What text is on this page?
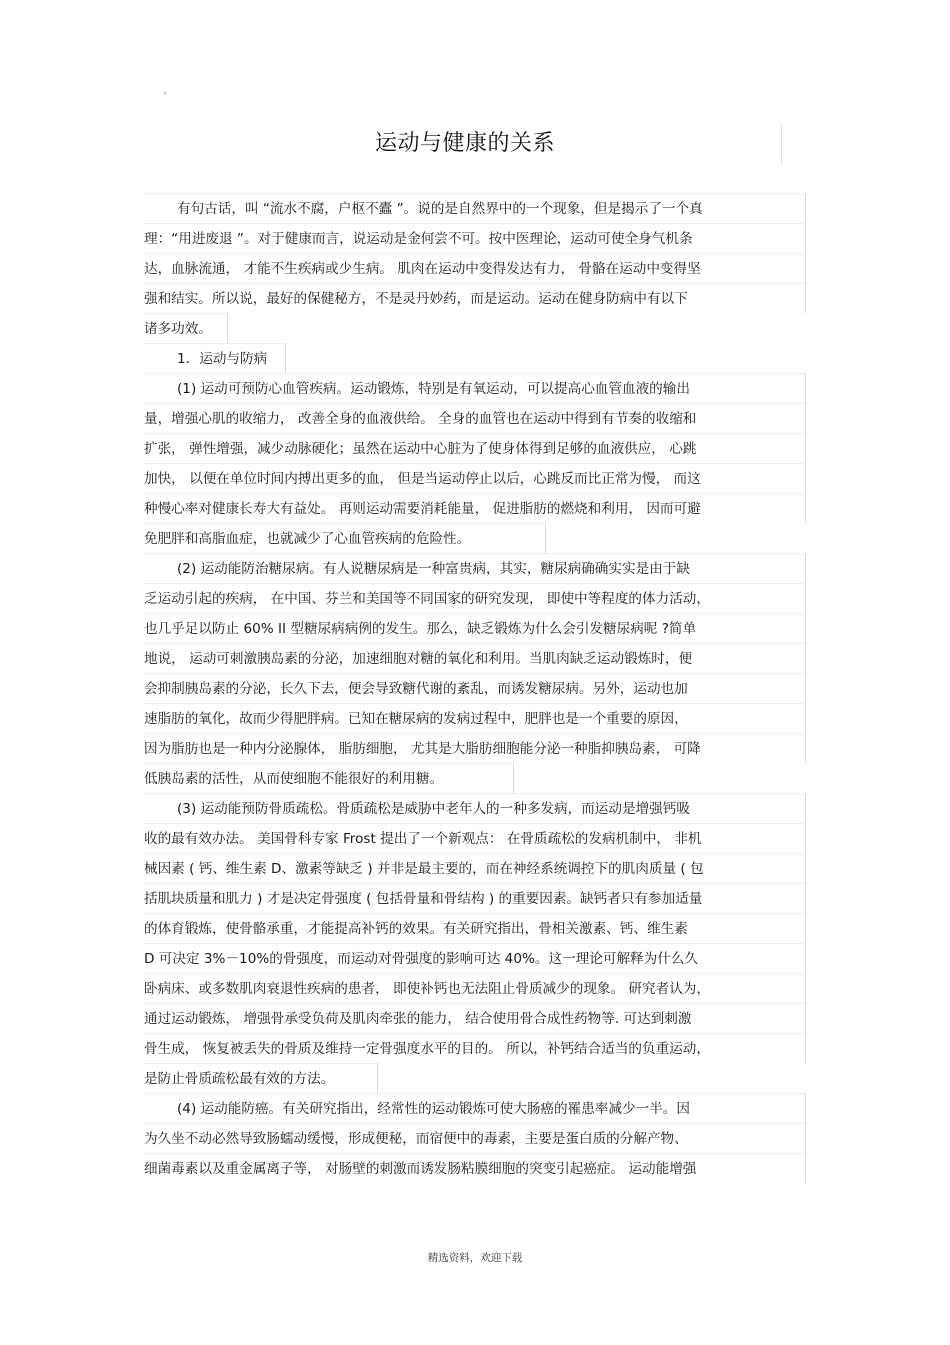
。
运动与健康的关系
有句古话，叫 “流水不腐，户枢不蠹 ”。说的是自然界中的一个现象，但是揭示了一个真
理：“用进废退 ”。对于健康而言，说运动是金何尝不可。按中医理论，运动可使全身气机条
达，血脉流通， 才能不生疾病或少生病。 肌肉在运动中变得发达有力， 骨骼在运动中变得坚
强和结实。所以说，最好的保健秘方，不是灵丹妙药，而是运动。运动在健身防病中有以下
诸多功效。
1．运动与防病
(1) 运动可预防心血管疾病。运动锻炼，特别是有氧运动，可以提高心血管血液的输出
量，增强心肌的收缩力， 改善全身的血液供给。 全身的血管也在运动中得到有节奏的收缩和
扩张， 弹性增强，减少动脉硬化；虽然在运动中心脏为了使身体得到足够的血液供应， 心跳
加快， 以便在单位时间内搏出更多的血， 但是当运动停止以后，心跳反而比正常为慢， 而这
种慢心率对健康长寿大有益处。 再则运动需要消耗能量， 促进脂肪的燃烧和利用， 因而可避
免肥胖和高脂血症，也就减少了心血管疾病的危险性。
(2) 运动能防治糖尿病。有人说糖尿病是一种富贵病，其实，糖尿病确确实实是由于缺
乏运动引起的疾病， 在中国、芬兰和美国等不同国家的研究发现， 即使中等程度的体力活动，
也几乎足以防止 60% II 型糖尿病病例的发生。那么，缺乏锻炼为什么会引发糖尿病呢 ?简单
地说， 运动可刺激胰岛素的分泌，加速细胞对糖的氧化和利用。当肌肉缺乏运动锻炼时，便
会抑制胰岛素的分泌，长久下去，便会导致糖代谢的紊乱，而诱发糖尿病。另外，运动也加
速脂肪的氧化，故而少得肥胖病。已知在糖尿病的发病过程中，肥胖也是一个重要的原因，
因为脂肪也是一种内分泌腺体， 脂肪细胞， 尤其是大脂肪细胞能分泌一种脂抑胰岛素， 可降
低胰岛素的活性，从而使细胞不能很好的利用糖。
(3) 运动能预防骨质疏松。骨质疏松是威胁中老年人的一种多发病，而运动是增强钙吸
收的最有效办法。 美国骨科专家 Frost 提出了一个新观点： 在骨质疏松的发病机制中， 非机
械因素 ( 钙、维生素 D、激素等缺乏 ) 并非是最主要的，而在神经系统调控下的肌肉质量 ( 包
括肌块质量和肌力 ) 才是决定骨强度 ( 包括骨量和骨结构 ) 的重要因素。缺钙者只有参加适量
的体育锻炼，使骨骼承重，才能提高补钙的效果。有关研究指出，骨相关激素、钙、维生素
D 可决定 3%－10%的骨强度，而运动对骨强度的影响可达 40%。这一理论可解释为什么久
卧病床、或多数肌肉衰退性疾病的患者， 即使补钙也无法阻止骨质减少的现象。 研究者认为，
通过运动锻炼， 增强骨承受负荷及肌肉牵张的能力， 结合使用骨合成性药物等. 可达到刺激
骨生成， 恢复被丢失的骨质及维持一定骨强度水平的目的。 所以，补钙结合适当的负重运动，
是防止骨质疏松最有效的方法。
(4) 运动能防癌。有关研究指出，经常性的运动锻炼可使大肠癌的罹患率减少一半。因
为久坐不动必然导致肠蠕动缓慢，形成便秘，而宿便中的毒素，主要是蛋白质的分解产物、
细菌毒素以及重金属离子等， 对肠壁的刺激而诱发肠粘膜细胞的突变引起癌症。 运动能增强
精选资料，欢迎下载
